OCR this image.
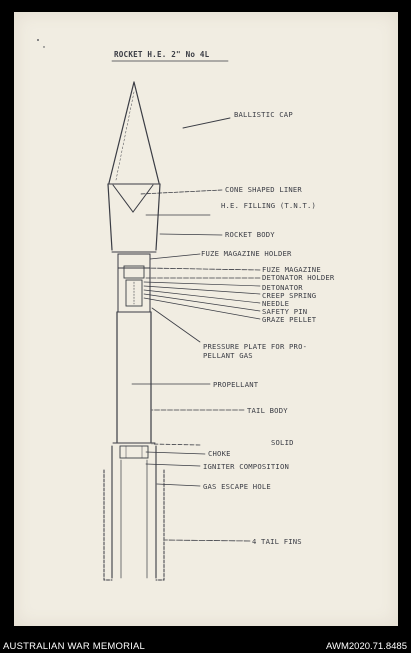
ROCKET H.E. 2" No 4L
BALLISTIC CAP
CONE SHAPED LINER
H.E. FILLING (T.N.T.)
ROCKET BODY
FUZE MAGAZINE HOLDER
FUZE MAGAZINE
DETONATOR HOLDER
DETONATOR
CREEP SPRING
NEEDLE
SAFETY PIN
GRAZE PELLET
PRESSURE PLATE FOR PRO-
PELLANT GAS
PROPELLANT
TAIL BODY
SOLID
CHOKE
IGNITER COMPOSITION
GAS ESCAPE HOLE
4 TAIL FINS
AUSTRALIAN WAR MEMORIAL	AWM2020.71.8485
